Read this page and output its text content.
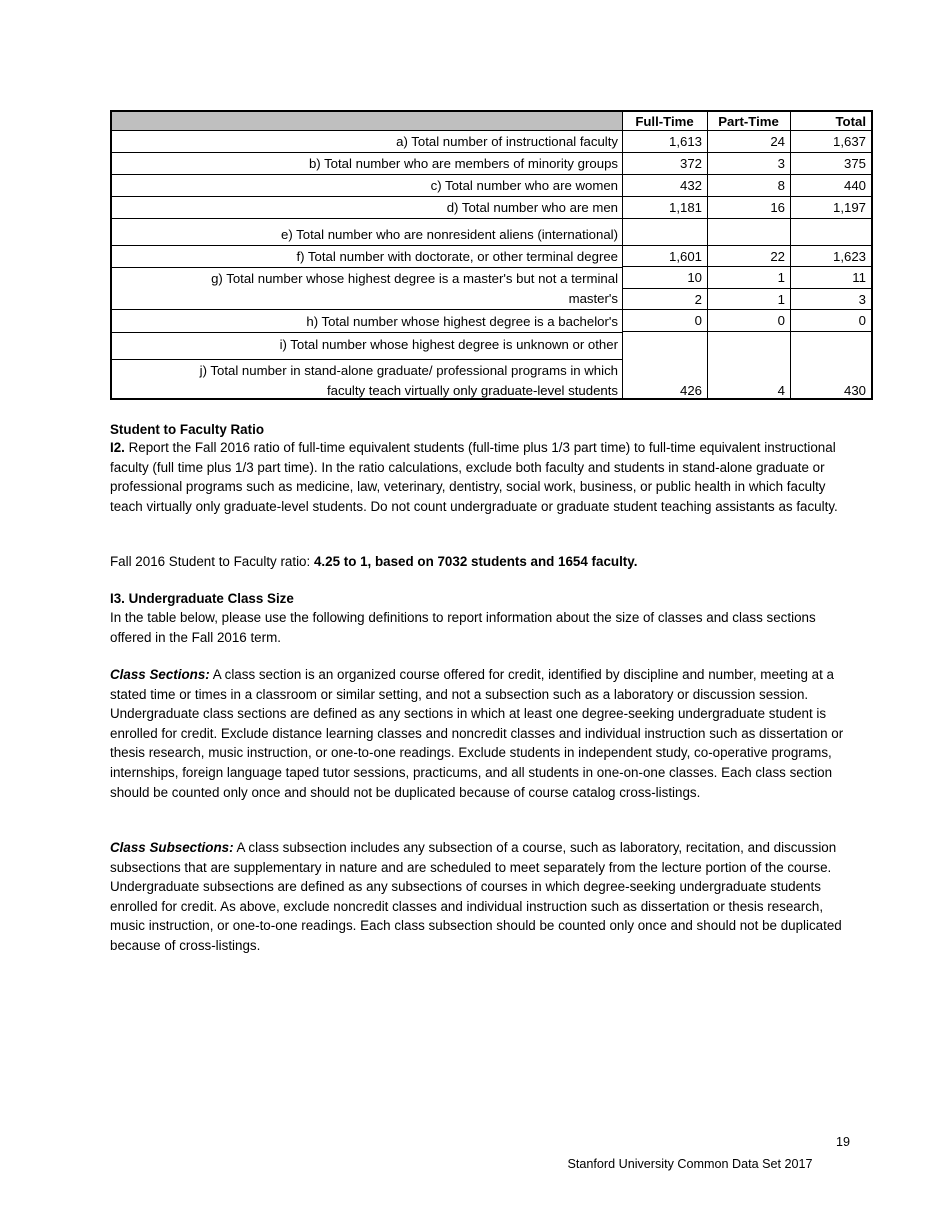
Full-Time	Part-Time	Total
a) Total number of instructional faculty
b) Total number who are members of minority groups
c) Total number who are women
d) Total number who are men
e) Total number who are nonresident aliens (international)
f) Total number with doctorate, or other terminal degree
g) Total number whose highest degree is a master's but not a terminal
master's
h) Total number whose highest degree is a bachelor's
i) Total number whose highest degree is unknown or other
j) Total number in stand-alone graduate/ professional programs in which
faculty teach virtually only graduate-level students
1,613
372
432
1,181
1,601
10
2
0
426
24
3
8
16
22
1
1
0
4
1,637
375
440
1,197
1,623
11
3
0
430
Student to Faculty Ratio
I2. Report the Fall 2016 ratio of full-time equivalent students (full-time plus 1/3 part time) to full-time equivalent instructional faculty (full time plus 1/3 part time). In the ratio calculations, exclude both faculty and students in stand-alone graduate or professional programs such as medicine, law, veterinary, dentistry, social work, business, or public health in which faculty teach virtually only graduate-level students. Do not count undergraduate or graduate student teaching assistants as faculty.
Fall 2016 Student to Faculty ratio: 4.25 to 1, based on 7032 students and 1654 faculty.
I3. Undergraduate Class Size
In the table below, please use the following definitions to report information about the size of classes and class sections offered in the Fall 2016 term.
Class Sections: A class section is an organized course offered for credit, identified by discipline and number, meeting at a stated time or times in a classroom or similar setting, and not a subsection such as a laboratory or discussion session. Undergraduate class sections are defined as any sections in which at least one degree-seeking undergraduate student is enrolled for credit. Exclude distance learning classes and noncredit classes and individual instruction such as dissertation or thesis research, music instruction, or one-to-one readings. Exclude students in independent study, co-operative programs, internships, foreign language taped tutor sessions, practicums, and all students in one-on-one classes. Each class section should be counted only once and should not be duplicated because of course catalog cross-listings.
Class Subsections: A class subsection includes any subsection of a course, such as laboratory, recitation, and discussion subsections that are supplementary in nature and are scheduled to meet separately from the lecture portion of the course. Undergraduate subsections are defined as any subsections of courses in which degree-seeking undergraduate students enrolled for credit. As above, exclude noncredit classes and individual instruction such as dissertation or thesis research, music instruction, or one-to-one readings. Each class subsection should be counted only once and should not be duplicated because of cross-listings.
19
Stanford University Common Data Set 2017
